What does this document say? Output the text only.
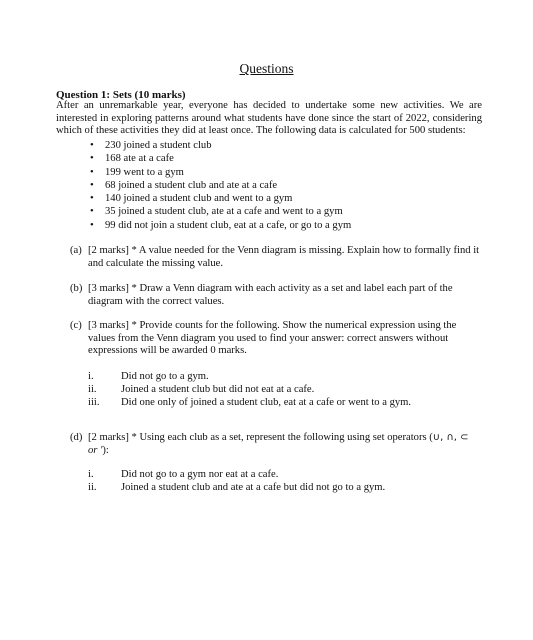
Questions
Question 1: Sets (10 marks)
After an unremarkable year, everyone has decided to undertake some new activities. We are interested in exploring patterns around what students have done since the start of 2022, considering which of these activities they did at least once. The following data is calculated for 500 students:
• 230 joined a student club
• 168 ate at a cafe
• 199 went to a gym
• 68 joined a student club and ate at a cafe
• 140 joined a student club and went to a gym
• 35 joined a student club, ate at a cafe and went to a gym
• 99 did not join a student club, eat at a cafe, or go to a gym
(a) [2 marks] * A value needed for the Venn diagram is missing. Explain how to formally find it and calculate the missing value.
(b) [3 marks] * Draw a Venn diagram with each activity as a set and label each part of the diagram with the correct values.
(c) [3 marks] * Provide counts for the following. Show the numerical expression using the values from the Venn diagram you used to find your answer: correct answers without expressions will be awarded 0 marks.
i.	Did not go to a gym.
ii. Joined a student club but did not eat at a cafe.
iii. Did one only of joined a student club, eat at a cafe or went to a gym.
(d) [2 marks] * Using each club as a set, represent the following using set operators (∪, ∩, ⊂
or ′):
i.	Did not go to a gym nor eat at a cafe.
ii. Joined a student club and ate at a cafe but did not go to a gym.
